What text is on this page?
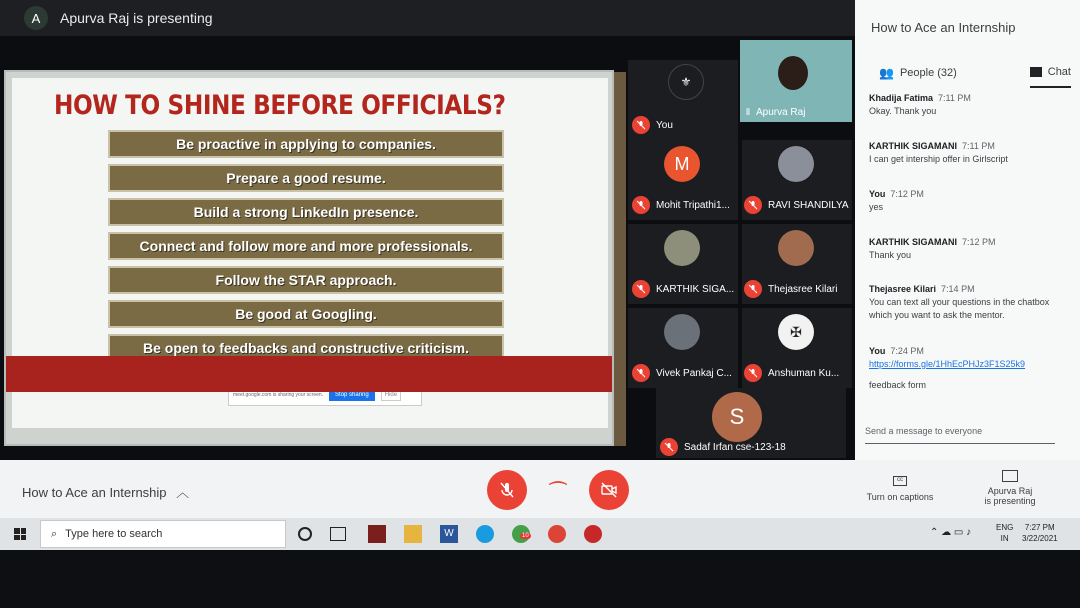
A	Apurva Raj is presenting
HOW TO SHINE BEFORE OFFICIALS?
Be proactive in applying to companies.
Prepare a good resume.
Build a strong LinkedIn presence.
Connect and follow more and more professionals.
Follow the STAR approach.
Be good at Googling.
Be open to feedbacks and constructive criticism.
meet.google.com is sharing your screen.	Stop sharing	Hide
⚜
You
⦀ Apurva Raj
M
Mohit Tripathi1...	RAVI SHANDILYA
KARTHIK SIGA...	Thejasree Kilari
Vivek Pankaj C...
✠
Anshuman Ku...
S
Sadaf Irfan cse-123-18
How to Ace an Internship
👥 People (32)	Chat
Khadija Fatima 7:11 PM
Okay. Thank you
KARTHIK SIGAMANI 7:11 PM
I can get intership offer in Girlscript
You 7:12 PM
yes
KARTHIK SIGAMANI 7:12 PM
Thank you
Thejasree Kilari 7:14 PM
You can text all your questions in the chatbox which you want to ask the mentor.
You 7:24 PM
https://forms.gle/1HhEcPHJz3F1S25k9
feedback form
Send a message to everyone
How to Ace an Internship ︿	⌒
cc
Turn on captions
Apurva Raj
is presenting
⌕ Type here to search	W	10	⌃ ☁ ▭ ♪	ENG
IN
7:27 PM
3/22/2021
